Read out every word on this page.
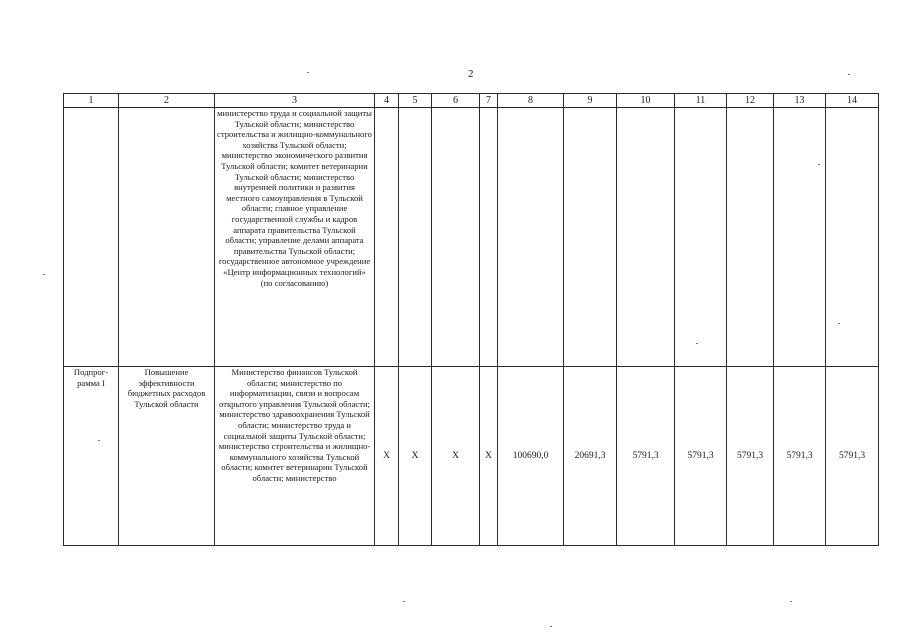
2
1	2	3	4	5	6	7	8	9	10	11	12	13	14
		министерство труда и социальной защиты Тульской области; министерство строительства и жилищно-коммунального хозяйства Тульской области; министерство экономического развития Тульской области; комитет ветеринарии Тульской области; министерство внутренней политики и развития местного самоуправления в Тульской области; главное управление государственной службы и кадров аппарата правительства Тульской области; управление делами аппарата правительства Тульской области; государственное автономное учреждение «Центр информационных технологий» (по согласованию)											
Подпрог-рамма I	Повышение эффективности бюджетных расходов Тульской области	Министерство финансов Тульской области; министерство по информатизации, связи и вопросам открытого управления Тульской области; министерство здравоохранения Тульской области; министерство труда и социальной защиты Тульской области; министерство строительства и жилищно-коммунального хозяйства Тульской области; комитет ветеринарии Тульской области; министерство	Х	Х	Х	Х	100690,0	20691,3	5791,3	5791,3	5791,3	5791,3	5791,3
